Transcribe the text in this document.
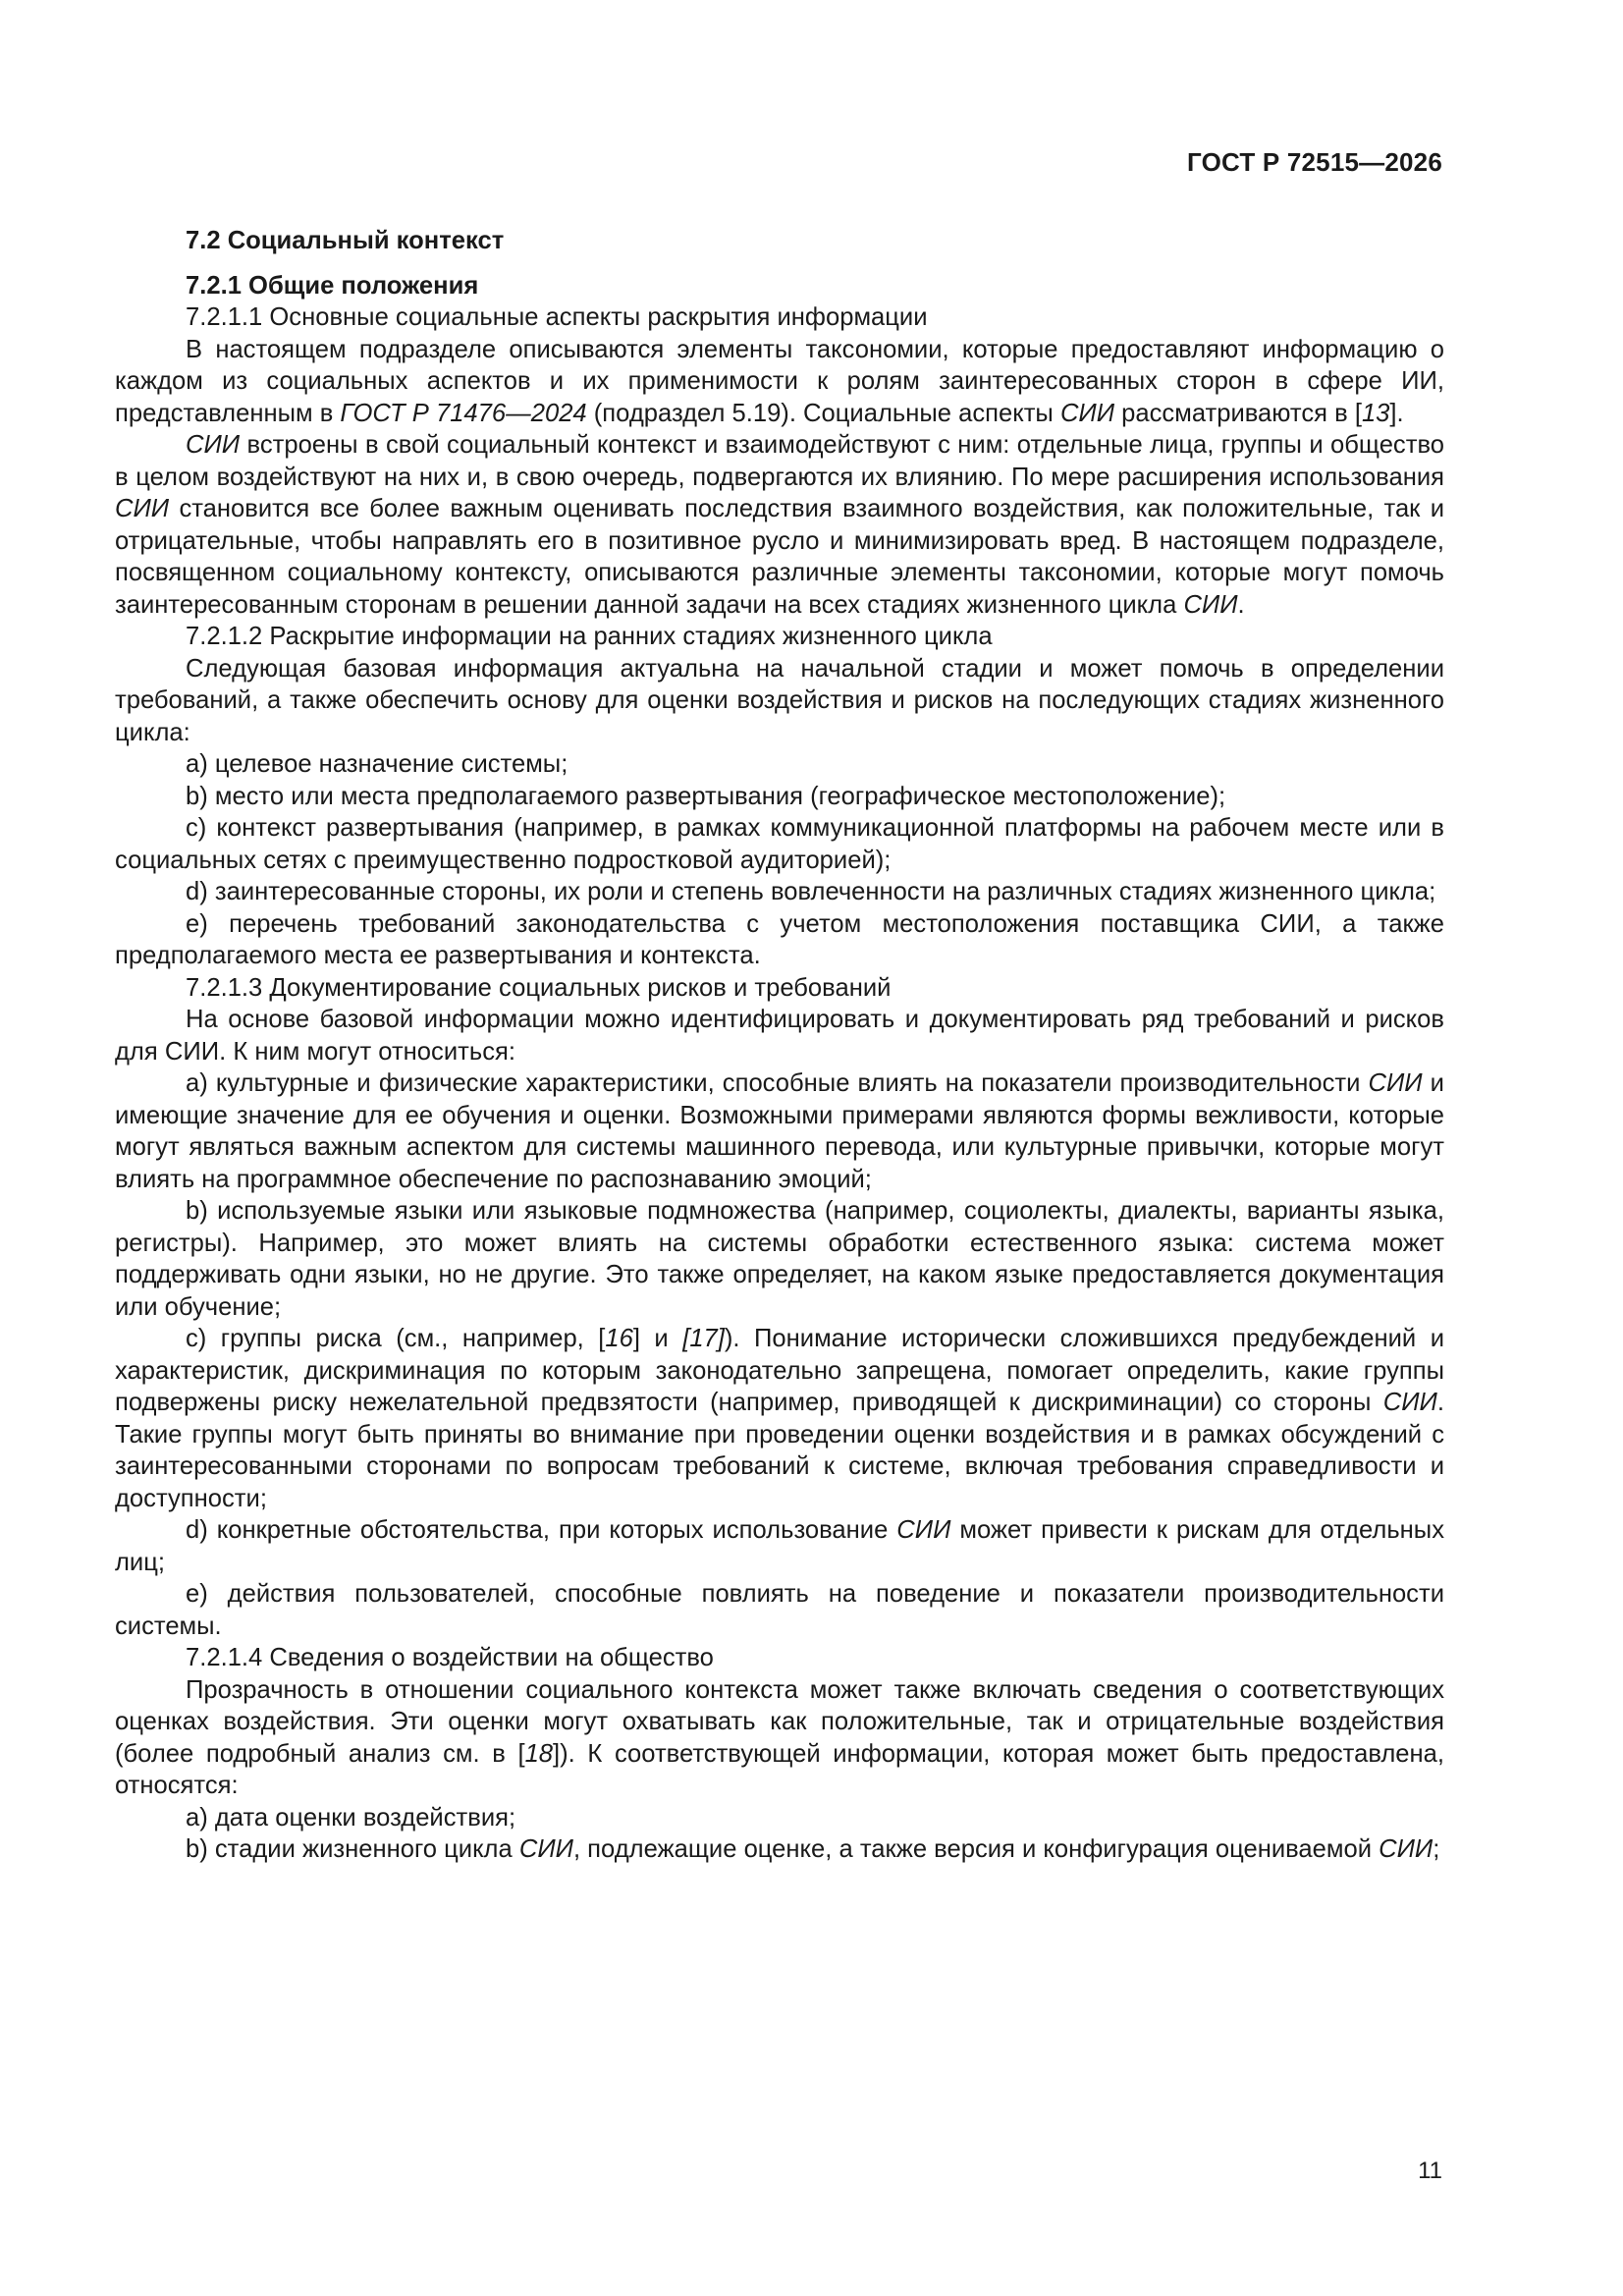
ГОСТ Р 72515—2026

7.2 Социальный контекст

7.2.1 Общие положения

7.2.1.1 Основные социальные аспекты раскрытия информации

В настоящем подразделе описываются элементы таксономии, которые предоставляют информацию о каждом из социальных аспектов и их применимости к ролям заинтересованных сторон в сфере ИИ, представленным в ГОСТ Р 71476—2024 (подраздел 5.19). Социальные аспекты СИИ рассматриваются в [13].

СИИ встроены в свой социальный контекст и взаимодействуют с ним: отдельные лица, группы и общество в целом воздействуют на них и, в свою очередь, подвергаются их влиянию. По мере расширения использования СИИ становится все более важным оценивать последствия взаимного воздействия, как положительные, так и отрицательные, чтобы направлять его в позитивное русло и минимизировать вред. В настоящем подразделе, посвященном социальному контексту, описываются различные элементы таксономии, которые могут помочь заинтересованным сторонам в решении данной задачи на всех стадиях жизненного цикла СИИ.

7.2.1.2 Раскрытие информации на ранних стадиях жизненного цикла

Следующая базовая информация актуальна на начальной стадии и может помочь в определении требований, а также обеспечить основу для оценки воздействия и рисков на последующих стадиях жизненного цикла:

a) целевое назначение системы;

b) место или места предполагаемого развертывания (географическое местоположение);

c) контекст развертывания (например, в рамках коммуникационной платформы на рабочем месте или в социальных сетях с преимущественно подростковой аудиторией);

d) заинтересованные стороны, их роли и степень вовлеченности на различных стадиях жизненного цикла;

e) перечень требований законодательства с учетом местоположения поставщика СИИ, а также предполагаемого места ее развертывания и контекста.

7.2.1.3 Документирование социальных рисков и требований

На основе базовой информации можно идентифицировать и документировать ряд требований и рисков для СИИ. К ним могут относиться:

a) культурные и физические характеристики, способные влиять на показатели производительности СИИ и имеющие значение для ее обучения и оценки. Возможными примерами являются формы вежливости, которые могут являться важным аспектом для системы машинного перевода, или культурные привычки, которые могут влиять на программное обеспечение по распознаванию эмоций;

b) используемые языки или языковые подмножества (например, социолекты, диалекты, варианты языка, регистры). Например, это может влиять на системы обработки естественного языка: система может поддерживать одни языки, но не другие. Это также определяет, на каком языке предоставляется документация или обучение;

c) группы риска (см., например, [16] и [17]). Понимание исторически сложившихся предубеждений и характеристик, дискриминация по которым законодательно запрещена, помогает определить, какие группы подвержены риску нежелательной предвзятости (например, приводящей к дискриминации) со стороны СИИ. Такие группы могут быть приняты во внимание при проведении оценки воздействия и в рамках обсуждений с заинтересованными сторонами по вопросам требований к системе, включая требования справедливости и доступности;

d) конкретные обстоятельства, при которых использование СИИ может привести к рискам для отдельных лиц;

e) действия пользователей, способные повлиять на поведение и показатели производительности системы.

7.2.1.4 Сведения о воздействии на общество

Прозрачность в отношении социального контекста может также включать сведения о соответствующих оценках воздействия. Эти оценки могут охватывать как положительные, так и отрицательные воздействия (более подробный анализ см. в [18]). К соответствующей информации, которая может быть предоставлена, относятся:

a) дата оценки воздействия;

b) стадии жизненного цикла СИИ, подлежащие оценке, а также версия и конфигурация оцениваемой СИИ;

11
